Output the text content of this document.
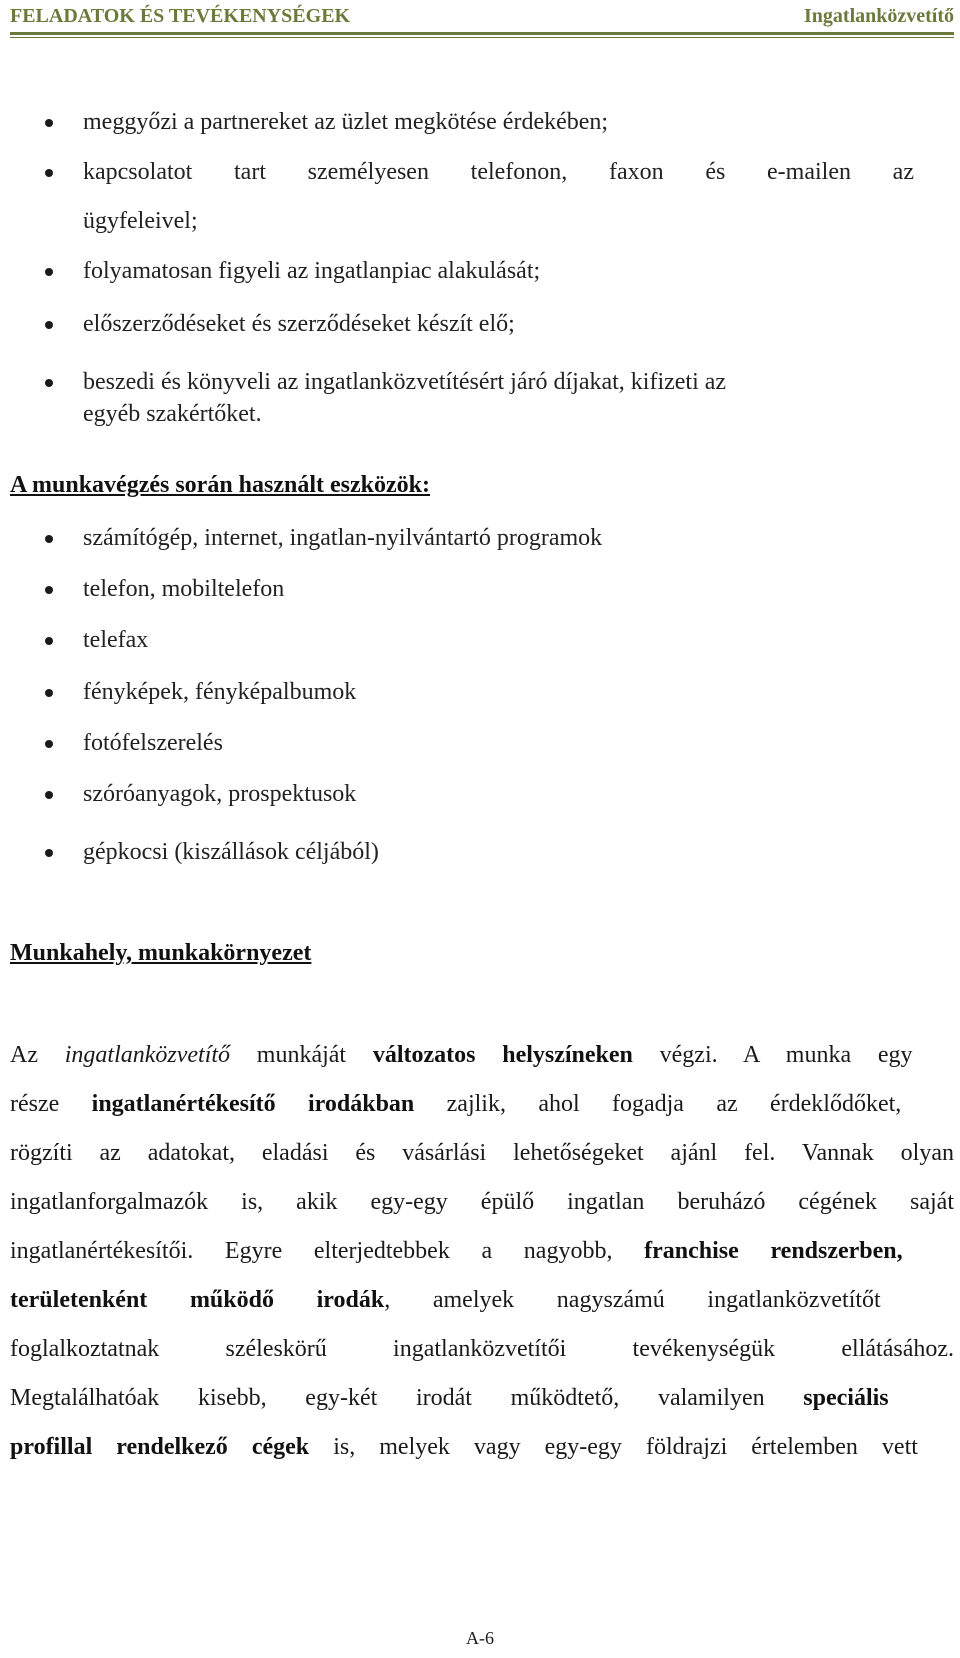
FELADATOK ÉS TEVÉKENYSÉGEK	Ingatlanközvetítő
meggyőzi a partnereket az üzlet megkötése érdekében;
kapcsolatot tart személyesen telefonon, faxon és e-mailen az
ügyfeleivel;
folyamatosan figyeli az ingatlanpiac alakulását;
előszerződéseket és szerződéseket készít elő;
beszedi és könyveli az ingatlanközvetítésért járó díjakat, kifizeti az
egyéb szakértőket.
A munkavégzés során használt eszközök:
számítógép, internet, ingatlan-nyilvántartó programok
telefon, mobiltelefon
telefax
fényképek, fényképalbumok
fotófelszerelés
szóróanyagok, prospektusok
gépkocsi (kiszállások céljából)
Munkahely, munkakörnyezet
Az ingatlanközvetítő munkáját változatos helyszíneken végzi. A munka egy
része ingatlanértékesítő irodákban zajlik, ahol fogadja az érdeklődőket,
rögzíti az adatokat, eladási és vásárlási lehetőségeket ajánl fel. Vannak olyan
ingatlanforgalmazók is, akik egy-egy épülő ingatlan beruházó cégének saját
ingatlanértékesítői. Egyre elterjedtebbek a nagyobb, franchise rendszerben,
területenként működő irodák, amelyek nagyszámú ingatlanközvetítőt
foglalkoztatnak széleskörű ingatlanközvetítői tevékenységük ellátásához.
Megtalálhatóak kisebb, egy-két irodát működtető, valamilyen speciális
profillal rendelkező cégek is, melyek vagy egy-egy földrajzi értelemben vett
A-6
